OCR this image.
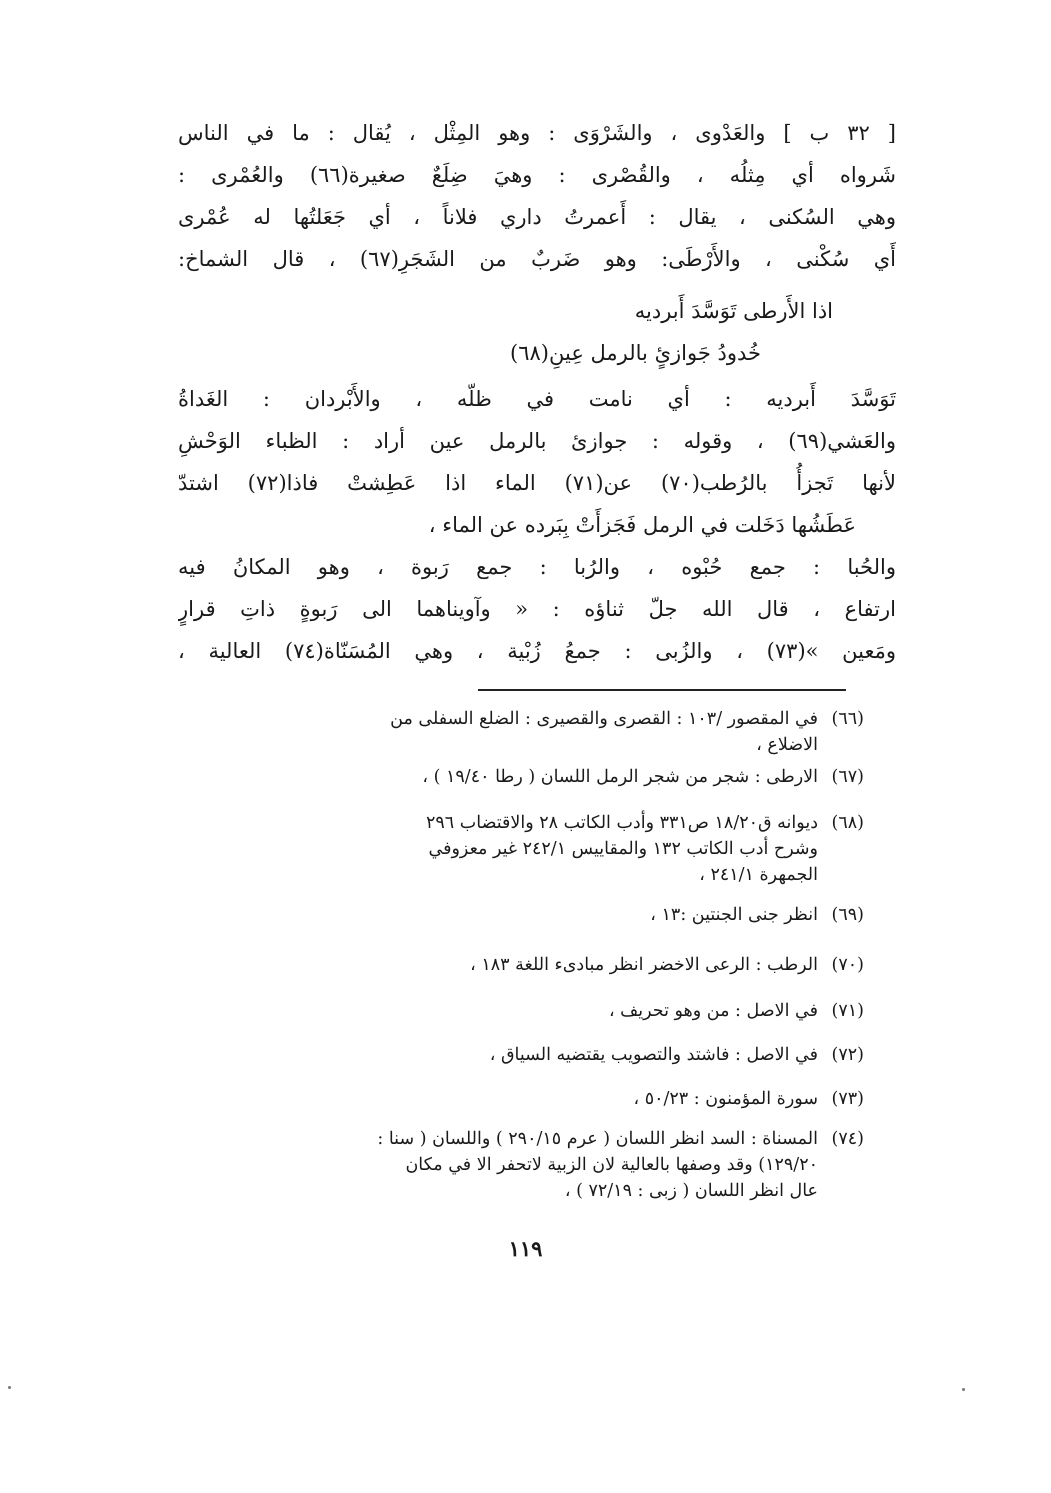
[ ٣٢ ب ] والعَدْوى ، والشَرْوَى : وهو المِثْل ، يُقال : ما في الناس
شَرواه أي مِثلُه ، والقُصْرى : وهيَ ضِلَعٌ صغيرة(٦٦) والعُمْرى :
وهي السُكنى ، يقال : أَعمرتُ داري فلاناً ، أي جَعَلتُها له عُمْرى
أَي سُكْنى ، والأَرْطَى: وهو ضَربٌ من الشَجَرِ(٦٧) ، قال الشماخ:
اذا الأَرطى تَوَسَّدَ أَبرديه
خُدودُ جَوازئٍ بالرمل عِينِ(٦٨)
تَوَسَّدَ أَبرديه : أي نامت في ظلّه ، والأَبْردان : الغَداةُ
والعَشي(٦٩) ، وقوله : جوازئ بالرمل عين أراد : الظباء الوَحْشِ
لأنها تَجزأُ بالرُطب(٧٠) عن(٧١) الماء اذا عَطِشتْ فاذا(٧٢) اشتدّ
عَطَشُها دَخَلت في الرمل فَجَزأَتْ بِبَرده عن الماء ،
والحُبا : جمع حُبْوه ، والرُبا : جمع رَبوة ، وهو المكانُ فيه
ارتفاع ، قال الله جلّ ثناؤه : « وآويناهما الى رَبوةٍ ذاتِ قرارٍ
ومَعين »(٧٣) ، والزُبى : جمعُ زُبْية ، وهي المُسَنّاة(٧٤) العالية ،
(٦٦)في المقصور /١٠٣ : القصرى والقصيرى : الضلع السفلى من
الاضلاع ،
(٦٧)الارطى : شجر من شجر الرمل اللسان ( رطا ١٩/٤٠ ) ،
(٦٨)ديوانه ق١٨/٢٠ ص٣٣١ وأدب الكاتب ٢٨ والاقتضاب ٢٩٦
وشرح أدب الكاتب ١٣٢ والمقاييس ٢٤٢/١ غير معزوفي
الجمهرة ٢٤١/١ ،
(٦٩)انظر جنى الجنتين :١٣ ،
(٧٠)الرطب : الرعى الاخضر انظر مبادىء اللغة ١٨٣ ،
(٧١)في الاصل : من وهو تحريف ،
(٧٢)في الاصل : فاشتد والتصويب يقتضيه السياق ،
(٧٣)سورة المؤمنون : ٥٠/٢٣ ،
(٧٤)المسناة : السد انظر اللسان ( عرم ٢٩٠/١٥ ) واللسان ( سنا :
١٢٩/٢٠) وقد وصفها بالعالية لان الزبية لاتحفر الا في مكان
عال انظر اللسان ( زبى : ٧٢/١٩ ) ،
١١٩
